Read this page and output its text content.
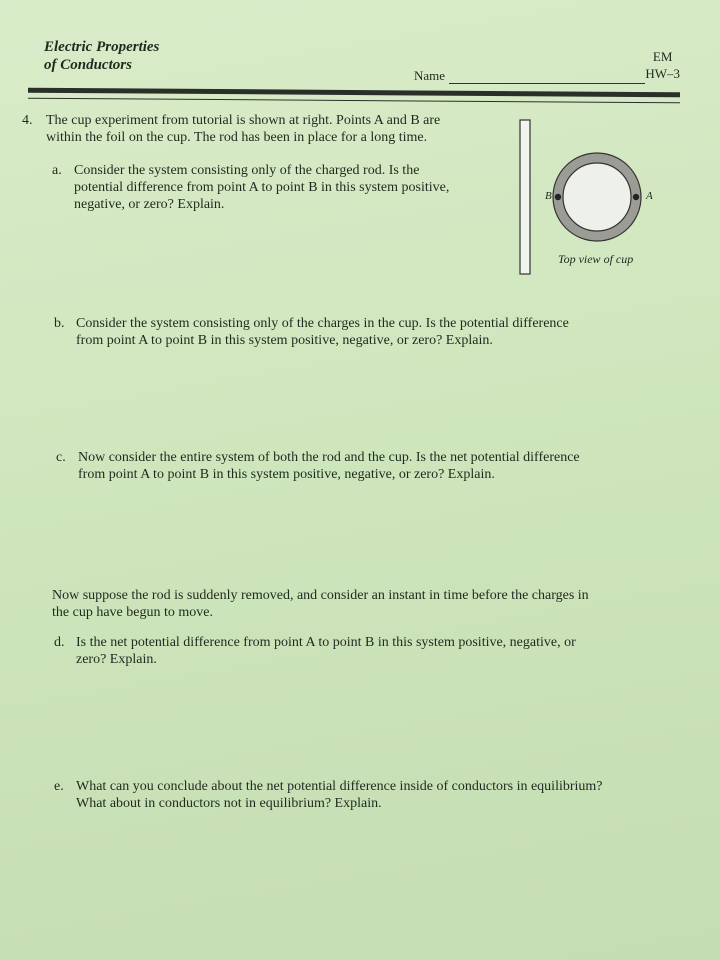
Electric Properties
of Conductors
EM
HW–3
Name
4. The cup experiment from tutorial is shown at right. Points A and B are
within the foil on the cup. The rod has been in place for a long time.
a. Consider the system consisting only of the charged rod. Is the
potential difference from point A to point B in this system positive,
negative, or zero? Explain.
B	A
Top view of cup
b. Consider the system consisting only of the charges in the cup. Is the potential difference
from point A to point B in this system positive, negative, or zero? Explain.
c. Now consider the entire system of both the rod and the cup. Is the net potential difference
from point A to point B in this system positive, negative, or zero? Explain.
Now suppose the rod is suddenly removed, and consider an instant in time before the charges in
the cup have begun to move.
d. Is the net potential difference from point A to point B in this system positive, negative, or
zero? Explain.
e. What can you conclude about the net potential difference inside of conductors in equilibrium?
What about in conductors not in equilibrium? Explain.
